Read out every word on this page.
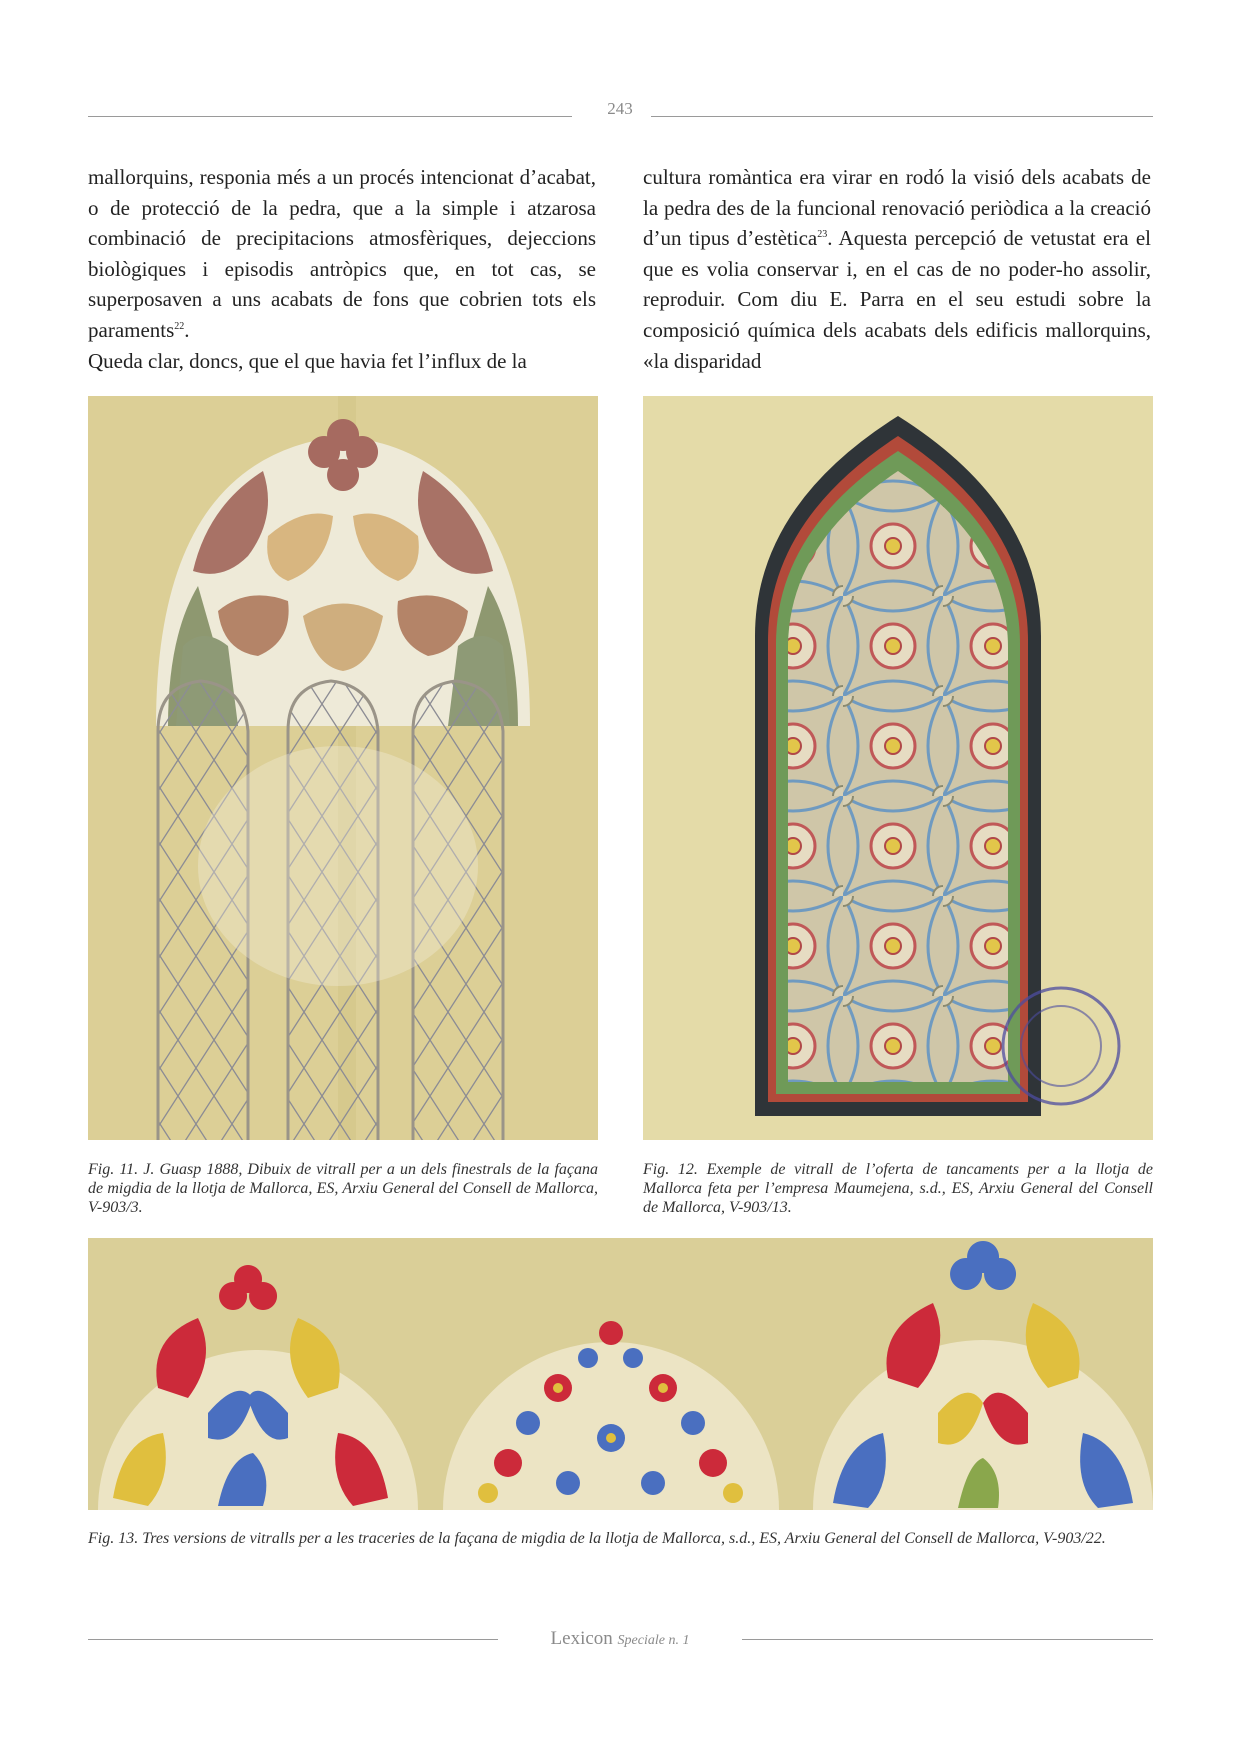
243

mallorquins, responia més a un procés intencionat d’acabat, o de protecció de la pedra, que a la simple i atzarosa combinació de precipitacions atmosfèriques, dejeccions biològiques i episodis antròpics que, en tot cas, se superposaven a uns acabats de fons que cobrien tots els paraments$^{22}$.

Queda clar, doncs, que el que havia fet l’influx de la

cultura romàntica era virar en rodó la visió dels acabats de la pedra des de la funcional renovació periòdica a la creació d’un tipus d’estètica$^{23}$. Aquesta percepció de vetustat era el que es volia conservar i, en el cas de no poder-ho assolir, reproduir. Com diu E. Parra en el seu estudi sobre la composició química dels acabats dels edificis mallorquins, «la disparidad

Fig. 11. J. Guasp 1888, Dibuix de vitrall per a un dels finestrals de la façana de migdia de la llotja de Mallorca, ES, Arxiu General del Consell de Mallorca, V-903/3.
Fig. 12. Exemple de vitrall de l’oferta de tancaments per a la llotja de Mallorca feta per l’empresa Maumejena, s.d., ES, Arxiu General del Consell de Mallorca, V-903/13.
Fig. 13. Tres versions de vitralls per a les traceries de la façana de migdia de la llotja de Mallorca, s.d., ES, Arxiu General del Consell de Mallorca, V-903/22.
Lexicon Speciale n. 1
